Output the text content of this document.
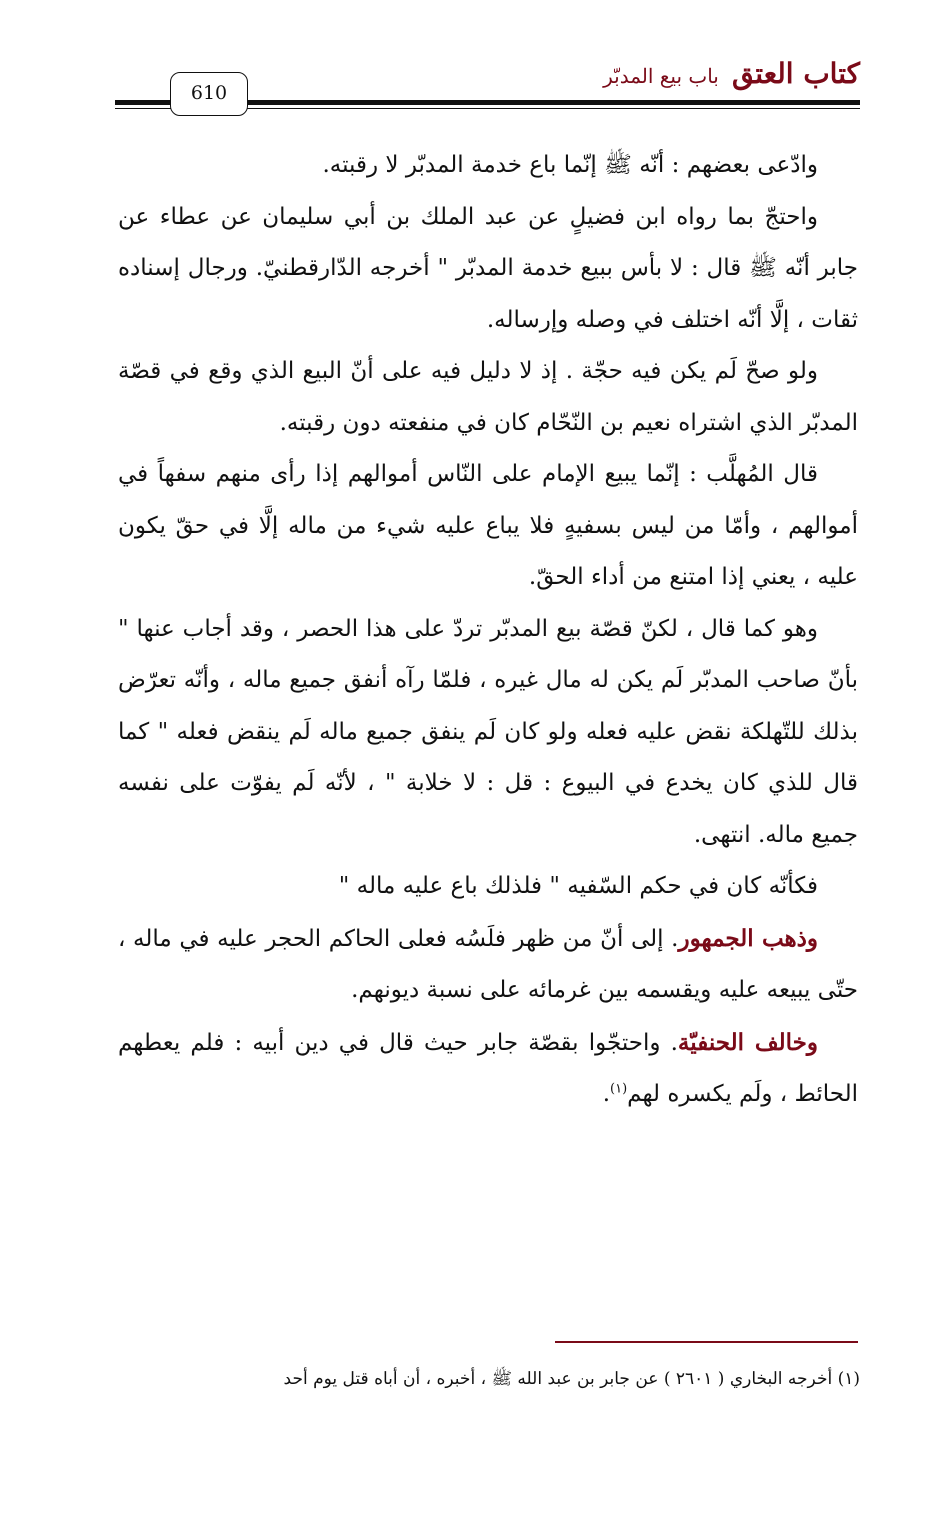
610
كتاب العتق باب بيع المدبّر

وادّعى بعضهم : أنّه ﷺ إنّما باع خدمة المدبّر لا رقبته.

واحتجّ بما رواه ابن فضيلٍ عن عبد الملك بن أبي سليمان عن عطاء عن جابر أنّه ﷺ قال : لا بأس ببيع خدمة المدبّر " أخرجه الدّارقطنيّ. ورجال إسناده ثقات ، إلَّا أنّه اختلف في وصله وإرساله.

ولو صحّ لَم يكن فيه حجّة . إذ لا دليل فيه على أنّ البيع الذي وقع في قصّة المدبّر الذي اشتراه نعيم بن النّحّام كان في منفعته دون رقبته.

قال المُهلَّب : إنّما يبيع الإمام على النّاس أموالهم إذا رأى منهم سفهاً في أموالهم ، وأمّا من ليس بسفيهٍ فلا يباع عليه شيء من ماله إلَّا في حقّ يكون عليه ، يعني إذا امتنع من أداء الحقّ.

وهو كما قال ، لكنّ قصّة بيع المدبّر تردّ على هذا الحصر ، وقد أجاب عنها " بأنّ صاحب المدبّر لَم يكن له مال غيره ، فلمّا رآه أنفق جميع ماله ، وأنّه تعرّض بذلك للتّهلكة نقض عليه فعله ولو كان لَم ينفق جميع ماله لَم ينقض فعله " كما قال للذي كان يخدع في البيوع : قل : لا خلابة " ، لأنّه لَم يفوّت على نفسه جميع ماله. انتهى.

فكأنّه كان في حكم السّفيه " فلذلك باع عليه ماله "

وذهب الجمهور. إلى أنّ من ظهر فلَسُه فعلى الحاكم الحجر عليه في ماله ، حتّى يبيعه عليه ويقسمه بين غرمائه على نسبة ديونهم.

وخالف الحنفيّة. واحتجّوا بقصّة جابر حيث قال في دين أبيه : فلم يعطهم الحائط ، ولَم يكسره لهم$^{(١)}$.

(١) أخرجه البخاري ( ٢٦٠١ ) عن جابر بن عبد الله ﷺ ، أخبره ، أن أباه قتل يوم أحد
